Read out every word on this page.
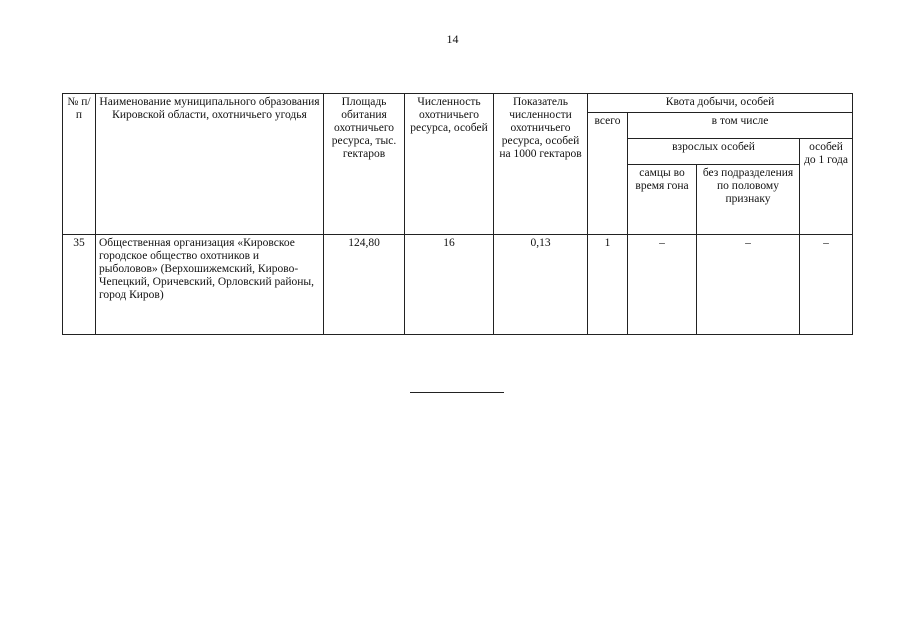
14
№ п/п	Наименование муниципального образования Кировской области, охотничьего угодья	Площадь обитания охотничьего ресурса, тыс. гектаров	Численность охотничьего ресурса, особей	Показатель численности охотничьего ресурса, особей на 1000 гектаров	Квота добычи, особей			
					всего	в том числе		
						взрослых особей		особей до 1 года
						самцы во время гона	без подразделения по половому признаку	
35	Общественная организация «Кировское городское общество охотников и рыболовов» (Верхошижемский, Кирово-Чепецкий, Оричевский, Орловский районы, город Киров)	124,80	16	0,13	1	–	–	–
